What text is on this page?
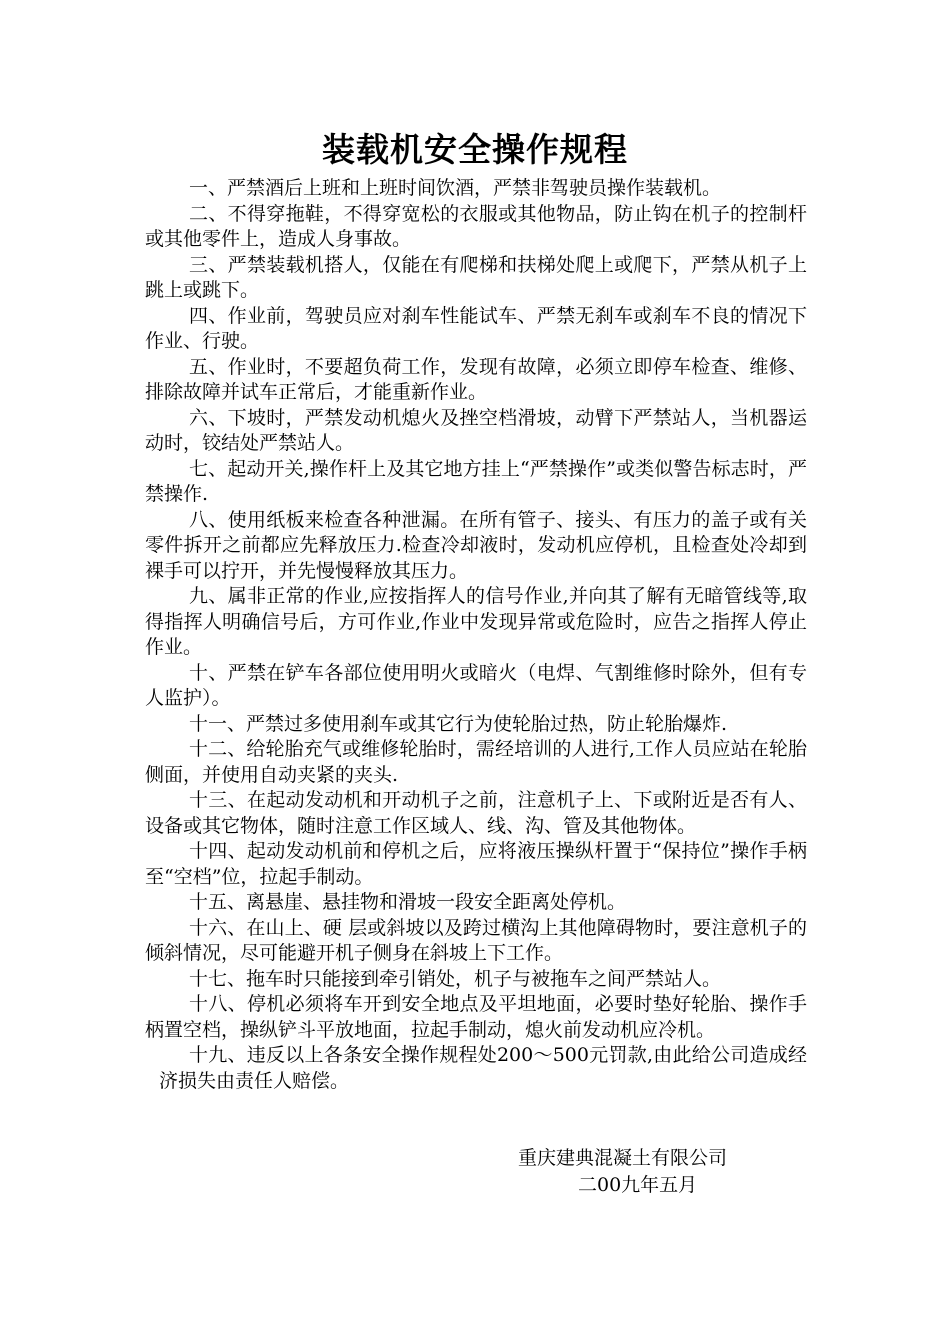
装载机安全操作规程

一、严禁酒后上班和上班时间饮酒，严禁非驾驶员操作装载机。

二、不得穿拖鞋，不得穿宽松的衣服或其他物品，防止钩在机子的控制杆或其他零件上，造成人身事故。

三、严禁装载机搭人，仅能在有爬梯和扶梯处爬上或爬下，严禁从机子上跳上或跳下。

四、作业前，驾驶员应对刹车性能试车、严禁无刹车或刹车不良的情况下作业、行驶。

五、作业时，不要超负荷工作，发现有故障，必须立即停车检查、维修、排除故障并试车正常后，才能重新作业。

六、下坡时，严禁发动机熄火及挫空档滑坡，动臂下严禁站人，当机器运动时，铰结处严禁站人。

七、起动开关,操作杆上及其它地方挂上“严禁操作”或类似警告标志时，严禁操作.

八、使用纸板来检查各种泄漏。在所有管子、接头、有压力的盖子或有关零件拆开之前都应先释放压力.检查冷却液时，发动机应停机，且检查处冷却到裸手可以拧开，并先慢慢释放其压力。

九、属非正常的作业,应按指挥人的信号作业,并向其了解有无暗管线等,取得指挥人明确信号后，方可作业,作业中发现异常或危险时，应告之指挥人停止作业。

十、严禁在铲车各部位使用明火或暗火（电焊、气割维修时除外，但有专人监护）。

十一、严禁过多使用刹车或其它行为使轮胎过热，防止轮胎爆炸.

十二、给轮胎充气或维修轮胎时，需经培训的人进行,工作人员应站在轮胎侧面，并使用自动夹紧的夹头.

十三、在起动发动机和开动机子之前，注意机子上、下或附近是否有人、设备或其它物体，随时注意工作区域人、线、沟、管及其他物体。

十四、起动发动机前和停机之后，应将液压操纵杆置于“保持位”操作手柄至“空档”位，拉起手制动。

十五、离悬崖、悬挂物和滑坡一段安全距离处停机。

十六、在山上、硬 层或斜坡以及跨过横沟上其他障碍物时，要注意机子的倾斜情况，尽可能避开机子侧身在斜坡上下工作。

十七、拖车时只能接到牵引销处，机子与被拖车之间严禁站人。

十八、停机必须将车开到安全地点及平坦地面，必要时垫好轮胎、操作手柄置空档，操纵铲斗平放地面，拉起手制动，熄火前发动机应冷机。

十九、违反以上各条安全操作规程处200～500元罚款,由此给公司造成经济损失由责任人赔偿。

重庆建典混凝土有限公司
二00九年五月
